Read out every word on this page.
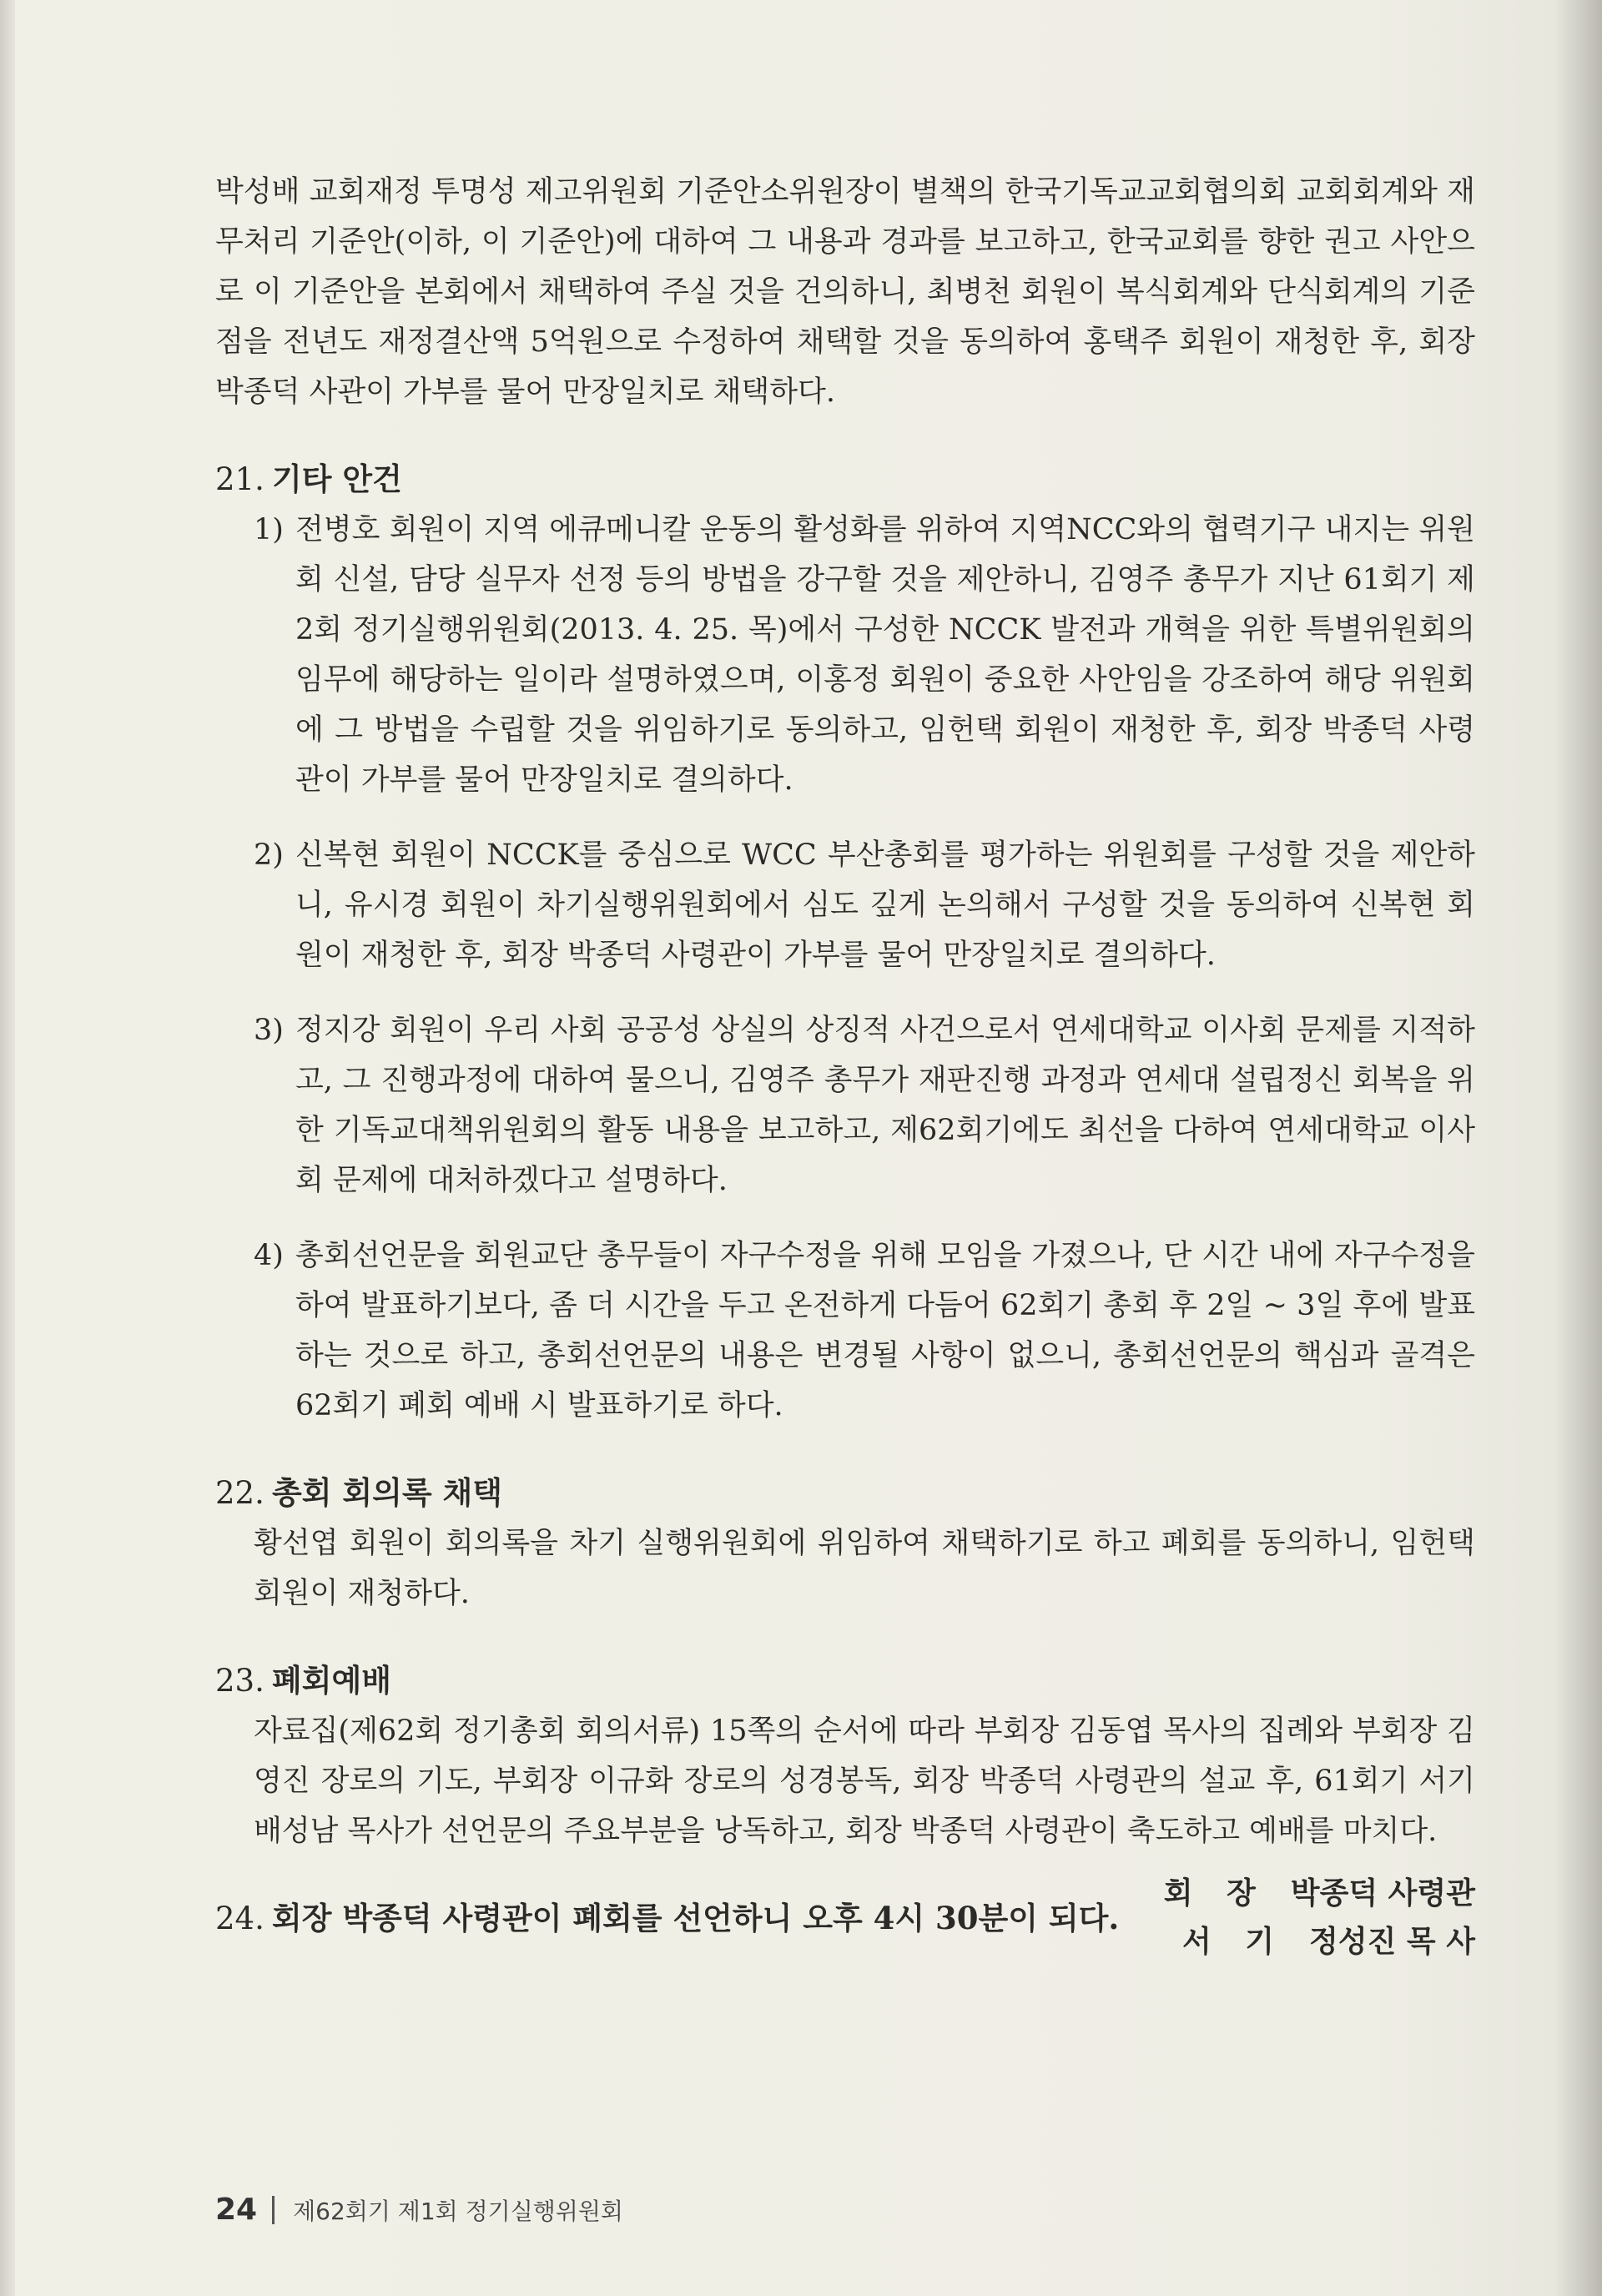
박성배 교회재정 투명성 제고위원회 기준안소위원장이 별책의 한국기독교교회협의회 교회회계와 재무처리 기준안(이하, 이 기준안)에 대하여 그 내용과 경과를 보고하고, 한국교회를 향한 권고 사안으로 이 기준안을 본회에서 채택하여 주실 것을 건의하니, 최병천 회원이 복식회계와 단식회계의 기준점을 전년도 재정결산액 5억원으로 수정하여 채택할 것을 동의하여 홍택주 회원이 재청한 후, 회장 박종덕 사관이 가부를 물어 만장일치로 채택하다.

21. 기타 안건

1) 전병호 회원이 지역 에큐메니칼 운동의 활성화를 위하여 지역NCC와의 협력기구 내지는 위원회 신설, 담당 실무자 선정 등의 방법을 강구할 것을 제안하니, 김영주 총무가 지난 61회기 제2회 정기실행위원회(2013. 4. 25. 목)에서 구성한 NCCK 발전과 개혁을 위한 특별위원회의 임무에 해당하는 일이라 설명하였으며, 이홍정 회원이 중요한 사안임을 강조하여 해당 위원회에 그 방법을 수립할 것을 위임하기로 동의하고, 임헌택 회원이 재청한 후, 회장 박종덕 사령관이 가부를 물어 만장일치로 결의하다.
2) 신복현 회원이 NCCK를 중심으로 WCC 부산총회를 평가하는 위원회를 구성할 것을 제안하니, 유시경 회원이 차기실행위원회에서 심도 깊게 논의해서 구성할 것을 동의하여 신복현 회원이 재청한 후, 회장 박종덕 사령관이 가부를 물어 만장일치로 결의하다.
3) 정지강 회원이 우리 사회 공공성 상실의 상징적 사건으로서 연세대학교 이사회 문제를 지적하고, 그 진행과정에 대하여 물으니, 김영주 총무가 재판진행 과정과 연세대 설립정신 회복을 위한 기독교대책위원회의 활동 내용을 보고하고, 제62회기에도 최선을 다하여 연세대학교 이사회 문제에 대처하겠다고 설명하다.
4) 총회선언문을 회원교단 총무들이 자구수정을 위해 모임을 가졌으나, 단 시간 내에 자구수정을 하여 발표하기보다, 좀 더 시간을 두고 온전하게 다듬어 62회기 총회 후 2일 ~ 3일 후에 발표하는 것으로 하고, 총회선언문의 내용은 변경될 사항이 없으니, 총회선언문의 핵심과 골격은 62회기 폐회 예배 시 발표하기로 하다.

22. 총회 회의록 채택

황선엽 회원이 회의록을 차기 실행위원회에 위임하여 채택하기로 하고 폐회를 동의하니, 임헌택 회원이 재청하다.

23. 폐회예배

자료집(제62회 정기총회 회의서류) 15쪽의 순서에 따라 부회장 김동엽 목사의 집례와 부회장 김영진 장로의 기도, 부회장 이규화 장로의 성경봉독, 회장 박종덕 사령관의 설교 후, 61회기 서기 배성남 목사가 선언문의 주요부분을 낭독하고, 회장 박종덕 사령관이 축도하고 예배를 마치다.

24. 회장 박종덕 사령관이 폐회를 선언하니 오후 4시 30분이 되다.

회 장 박종덕 사령관
서 기 정성진 목 사
24 제62회기 제1회 정기실행위원회
